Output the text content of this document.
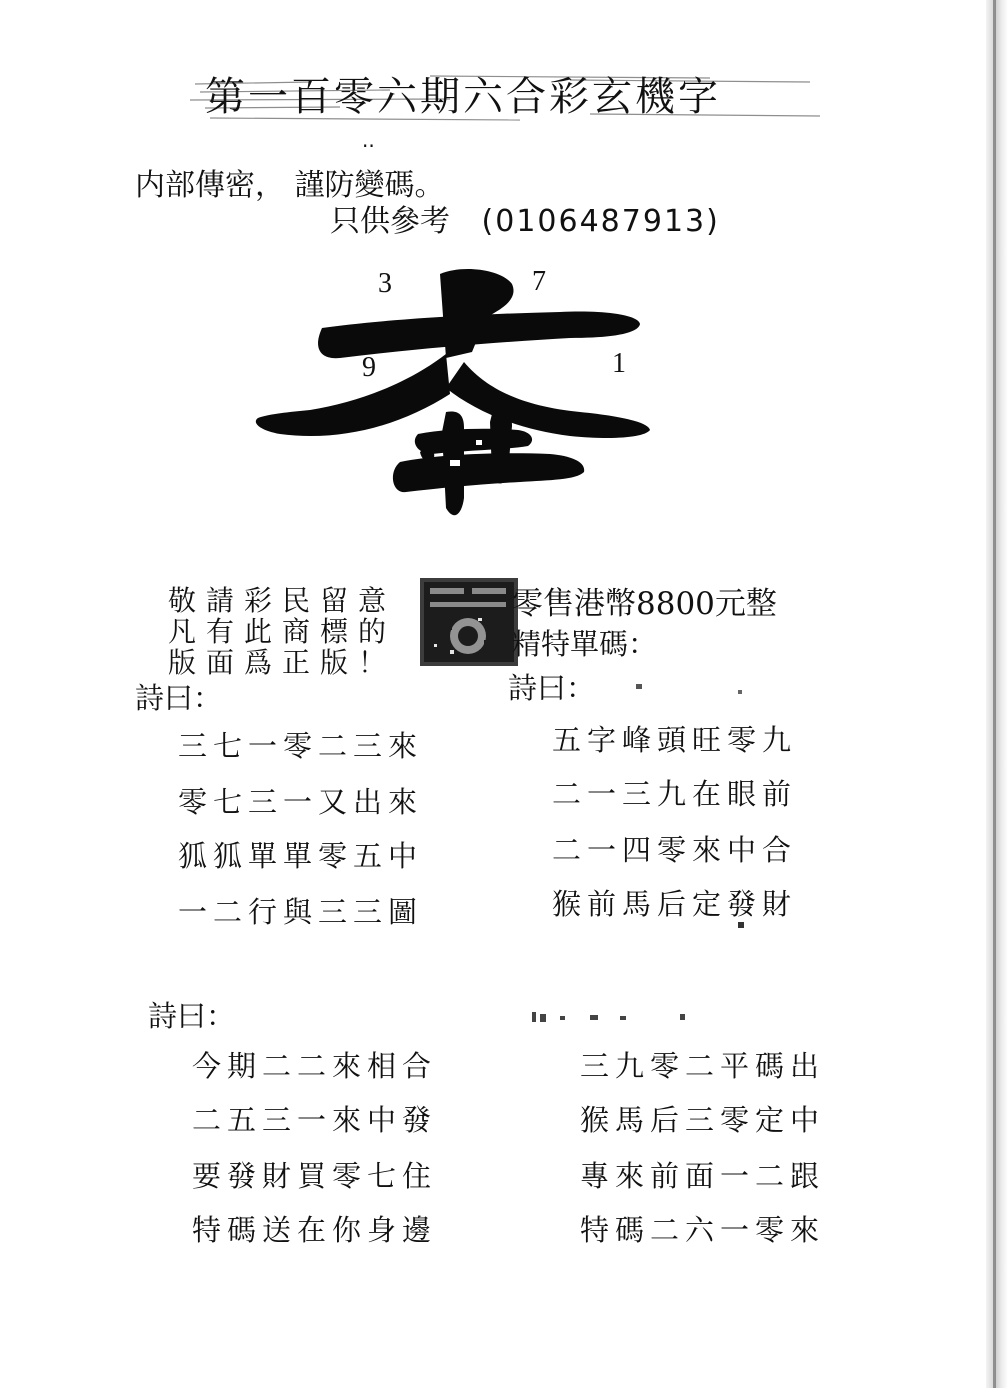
第一百零六期六合彩玄機字
..
内部傳密， 謹防變碼。
只供參考 (0106487913)
3	7
9	1
敬請彩民留意
凡有此商標的
版面爲正版！
零售港幣8800元整
精特單碼：
詩曰：	詩曰：
三七一零二三來
零七三一又出來
狐狐單單零五中
一二行與三三圖
五字峰頭旺零九
二一三九在眼前
二一四零來中合
猴前馬后定發財
詩曰：
今期二二來相合
二五三一來中發
要發財買零七住
特碼送在你身邊
三九零二平碼出
猴馬后三零定中
專來前面一二跟
特碼二六一零來
